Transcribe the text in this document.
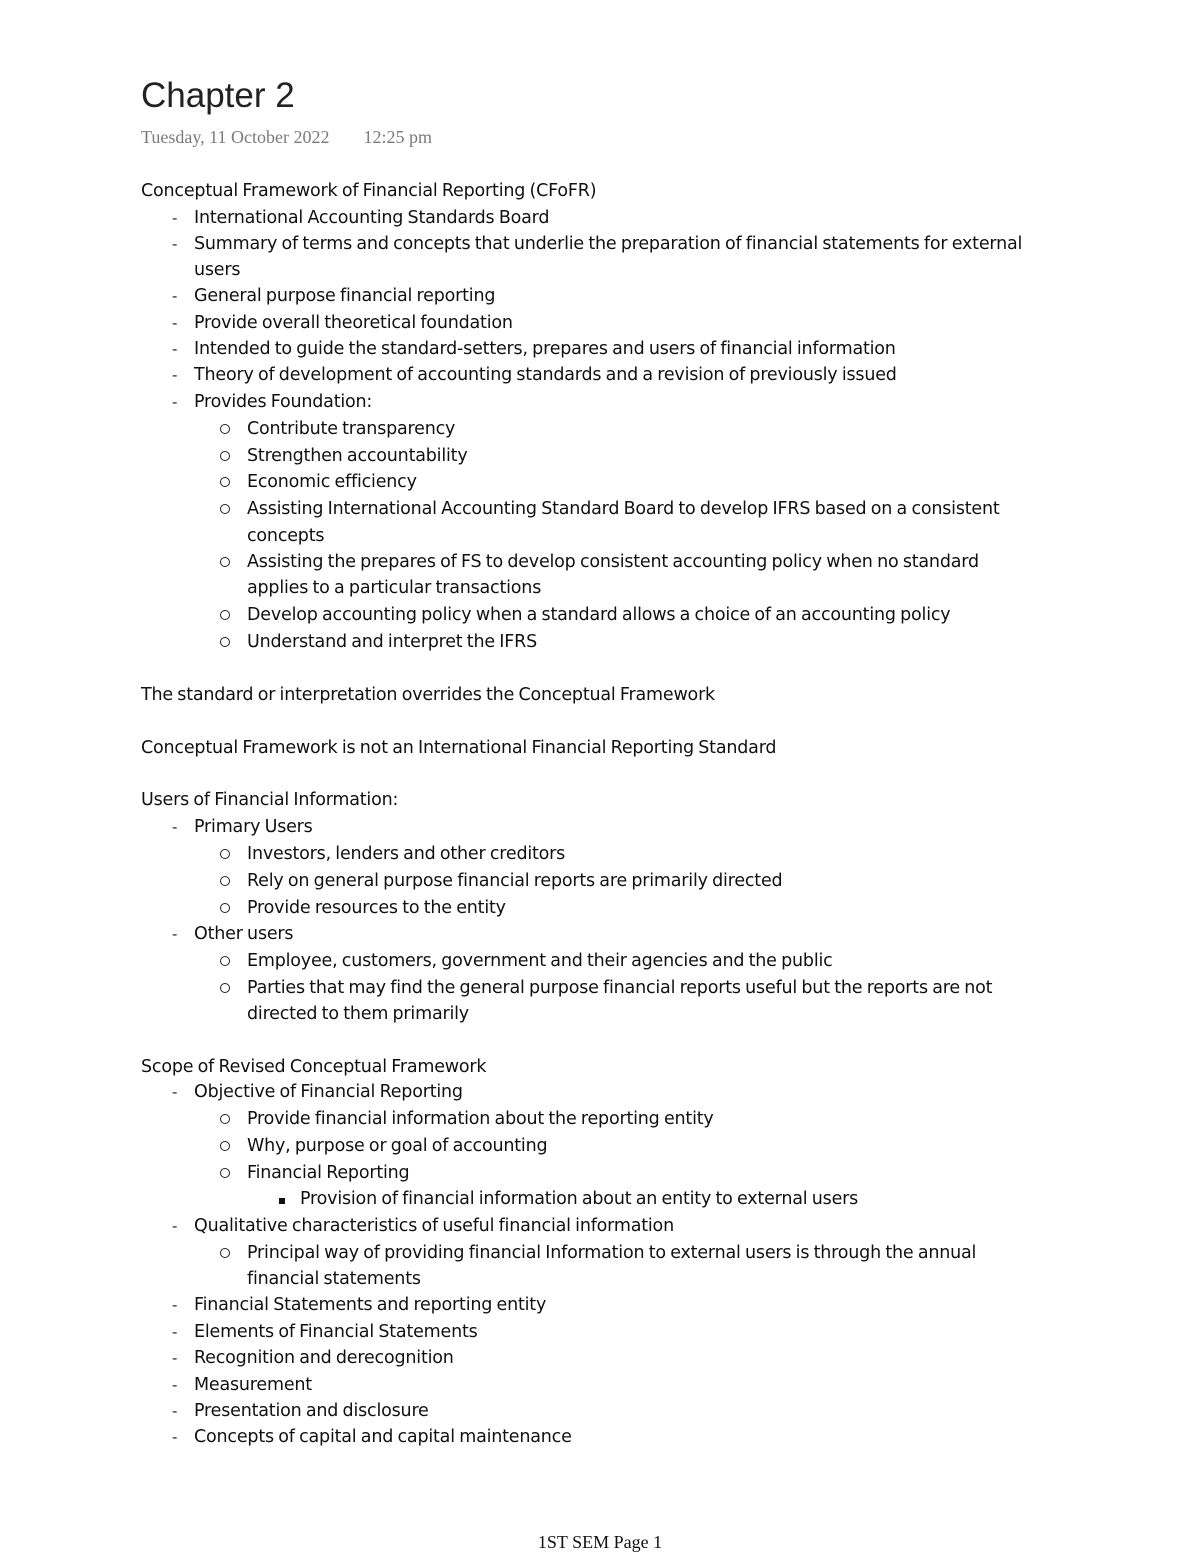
Chapter 2
Tuesday, 11 October 2022 12:25 pm
Conceptual Framework of Financial Reporting (CFoFR)
- International Accounting Standards Board
- Summary of terms and concepts that underlie the preparation of financial statements for external
users
- General purpose financial reporting
- Provide overall theoretical foundation
- Intended to guide the standard-setters, prepares and users of financial information
- Theory of development of accounting standards and a revision of previously issued
- Provides Foundation:
Contribute transparency
Strengthen accountability
Economic efficiency
Assisting International Accounting Standard Board to develop IFRS based on a consistent
concepts
Assisting the prepares of FS to develop consistent accounting policy when no standard
applies to a particular transactions
Develop accounting policy when a standard allows a choice of an accounting policy
Understand and interpret the IFRS
The standard or interpretation overrides the Conceptual Framework
Conceptual Framework is not an International Financial Reporting Standard
Users of Financial Information:
- Primary Users
Investors, lenders and other creditors
Rely on general purpose financial reports are primarily directed
Provide resources to the entity
- Other users
Employee, customers, government and their agencies and the public
Parties that may find the general purpose financial reports useful but the reports are not
directed to them primarily
Scope of Revised Conceptual Framework
- Objective of Financial Reporting
Provide financial information about the reporting entity
Why, purpose or goal of accounting
Financial Reporting
Provision of financial information about an entity to external users
- Qualitative characteristics of useful financial information
Principal way of providing financial Information to external users is through the annual
financial statements
- Financial Statements and reporting entity
- Elements of Financial Statements
- Recognition and derecognition
- Measurement
- Presentation and disclosure
- Concepts of capital and capital maintenance
1ST SEM Page 1
